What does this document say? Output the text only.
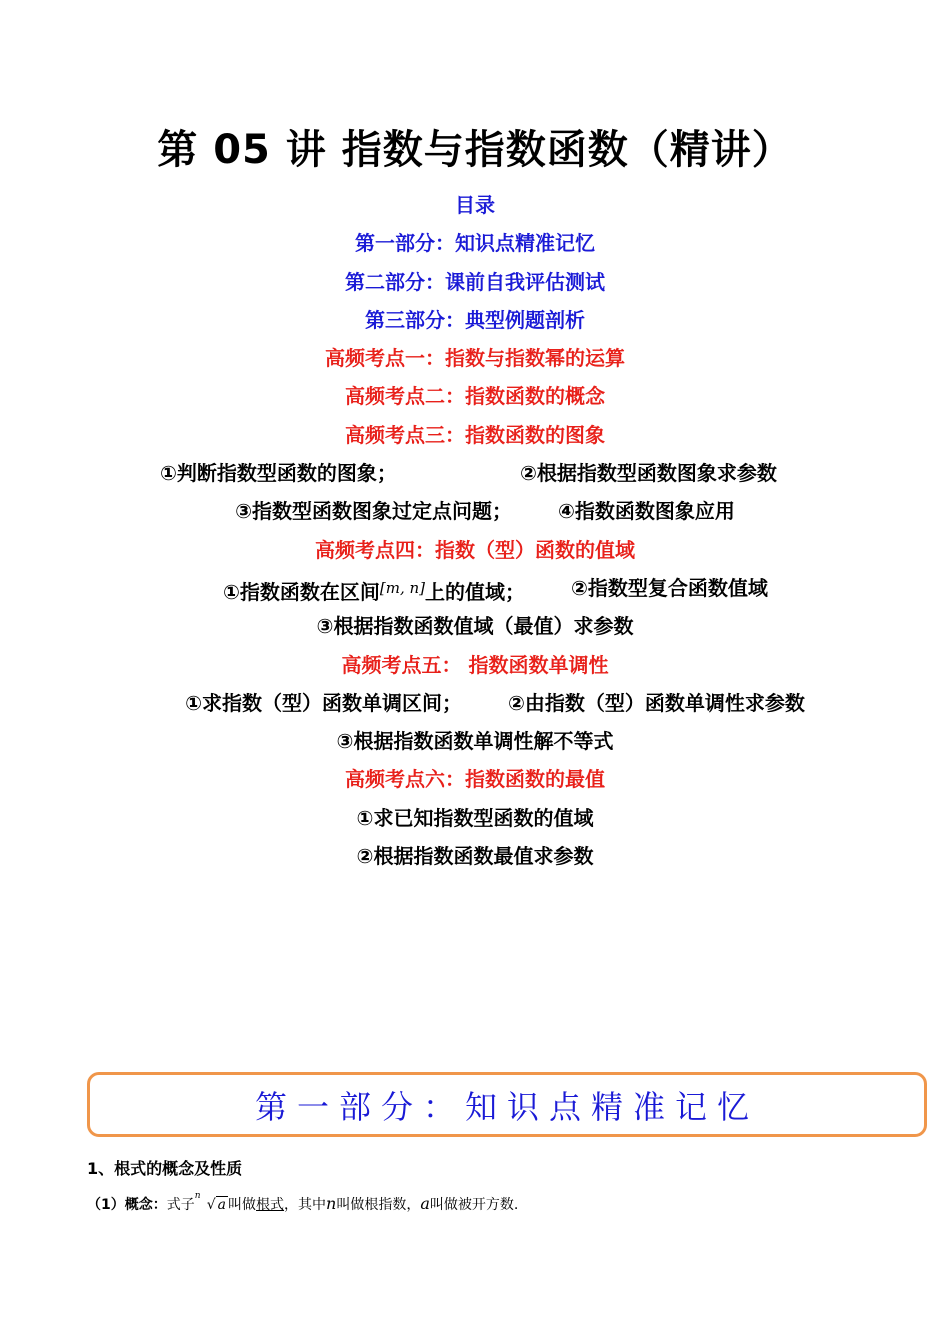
第 05 讲 指数与指数函数（精讲）
目录
第一部分：知识点精准记忆
第二部分：课前自我评估测试
第三部分：典型例题剖析
高频考点一：指数与指数幂的运算
高频考点二：指数函数的概念
高频考点三：指数函数的图象
①判断指数型函数的图象；	②根据指数型函数图象求参数
③指数型函数图象过定点问题；	④指数函数图象应用
高频考点四：指数（型）函数的值域
①指数函数在区间[m, n]上的值域；	②指数型复合函数值域
③根据指数函数值域（最值）求参数
高频考点五： 指数函数单调性
①求指数（型）函数单调区间；	②由指数（型）函数单调性求参数
③根据指数函数单调性解不等式
高频考点六：指数函数的最值
①求已知指数型函数的值域
②根据指数函数最值求参数
第一部分：知识点精准记忆
1、根式的概念及性质
（1）概念：式子
n
√ a 叫做根式，其中n叫做根指数，a叫做被开方数.
